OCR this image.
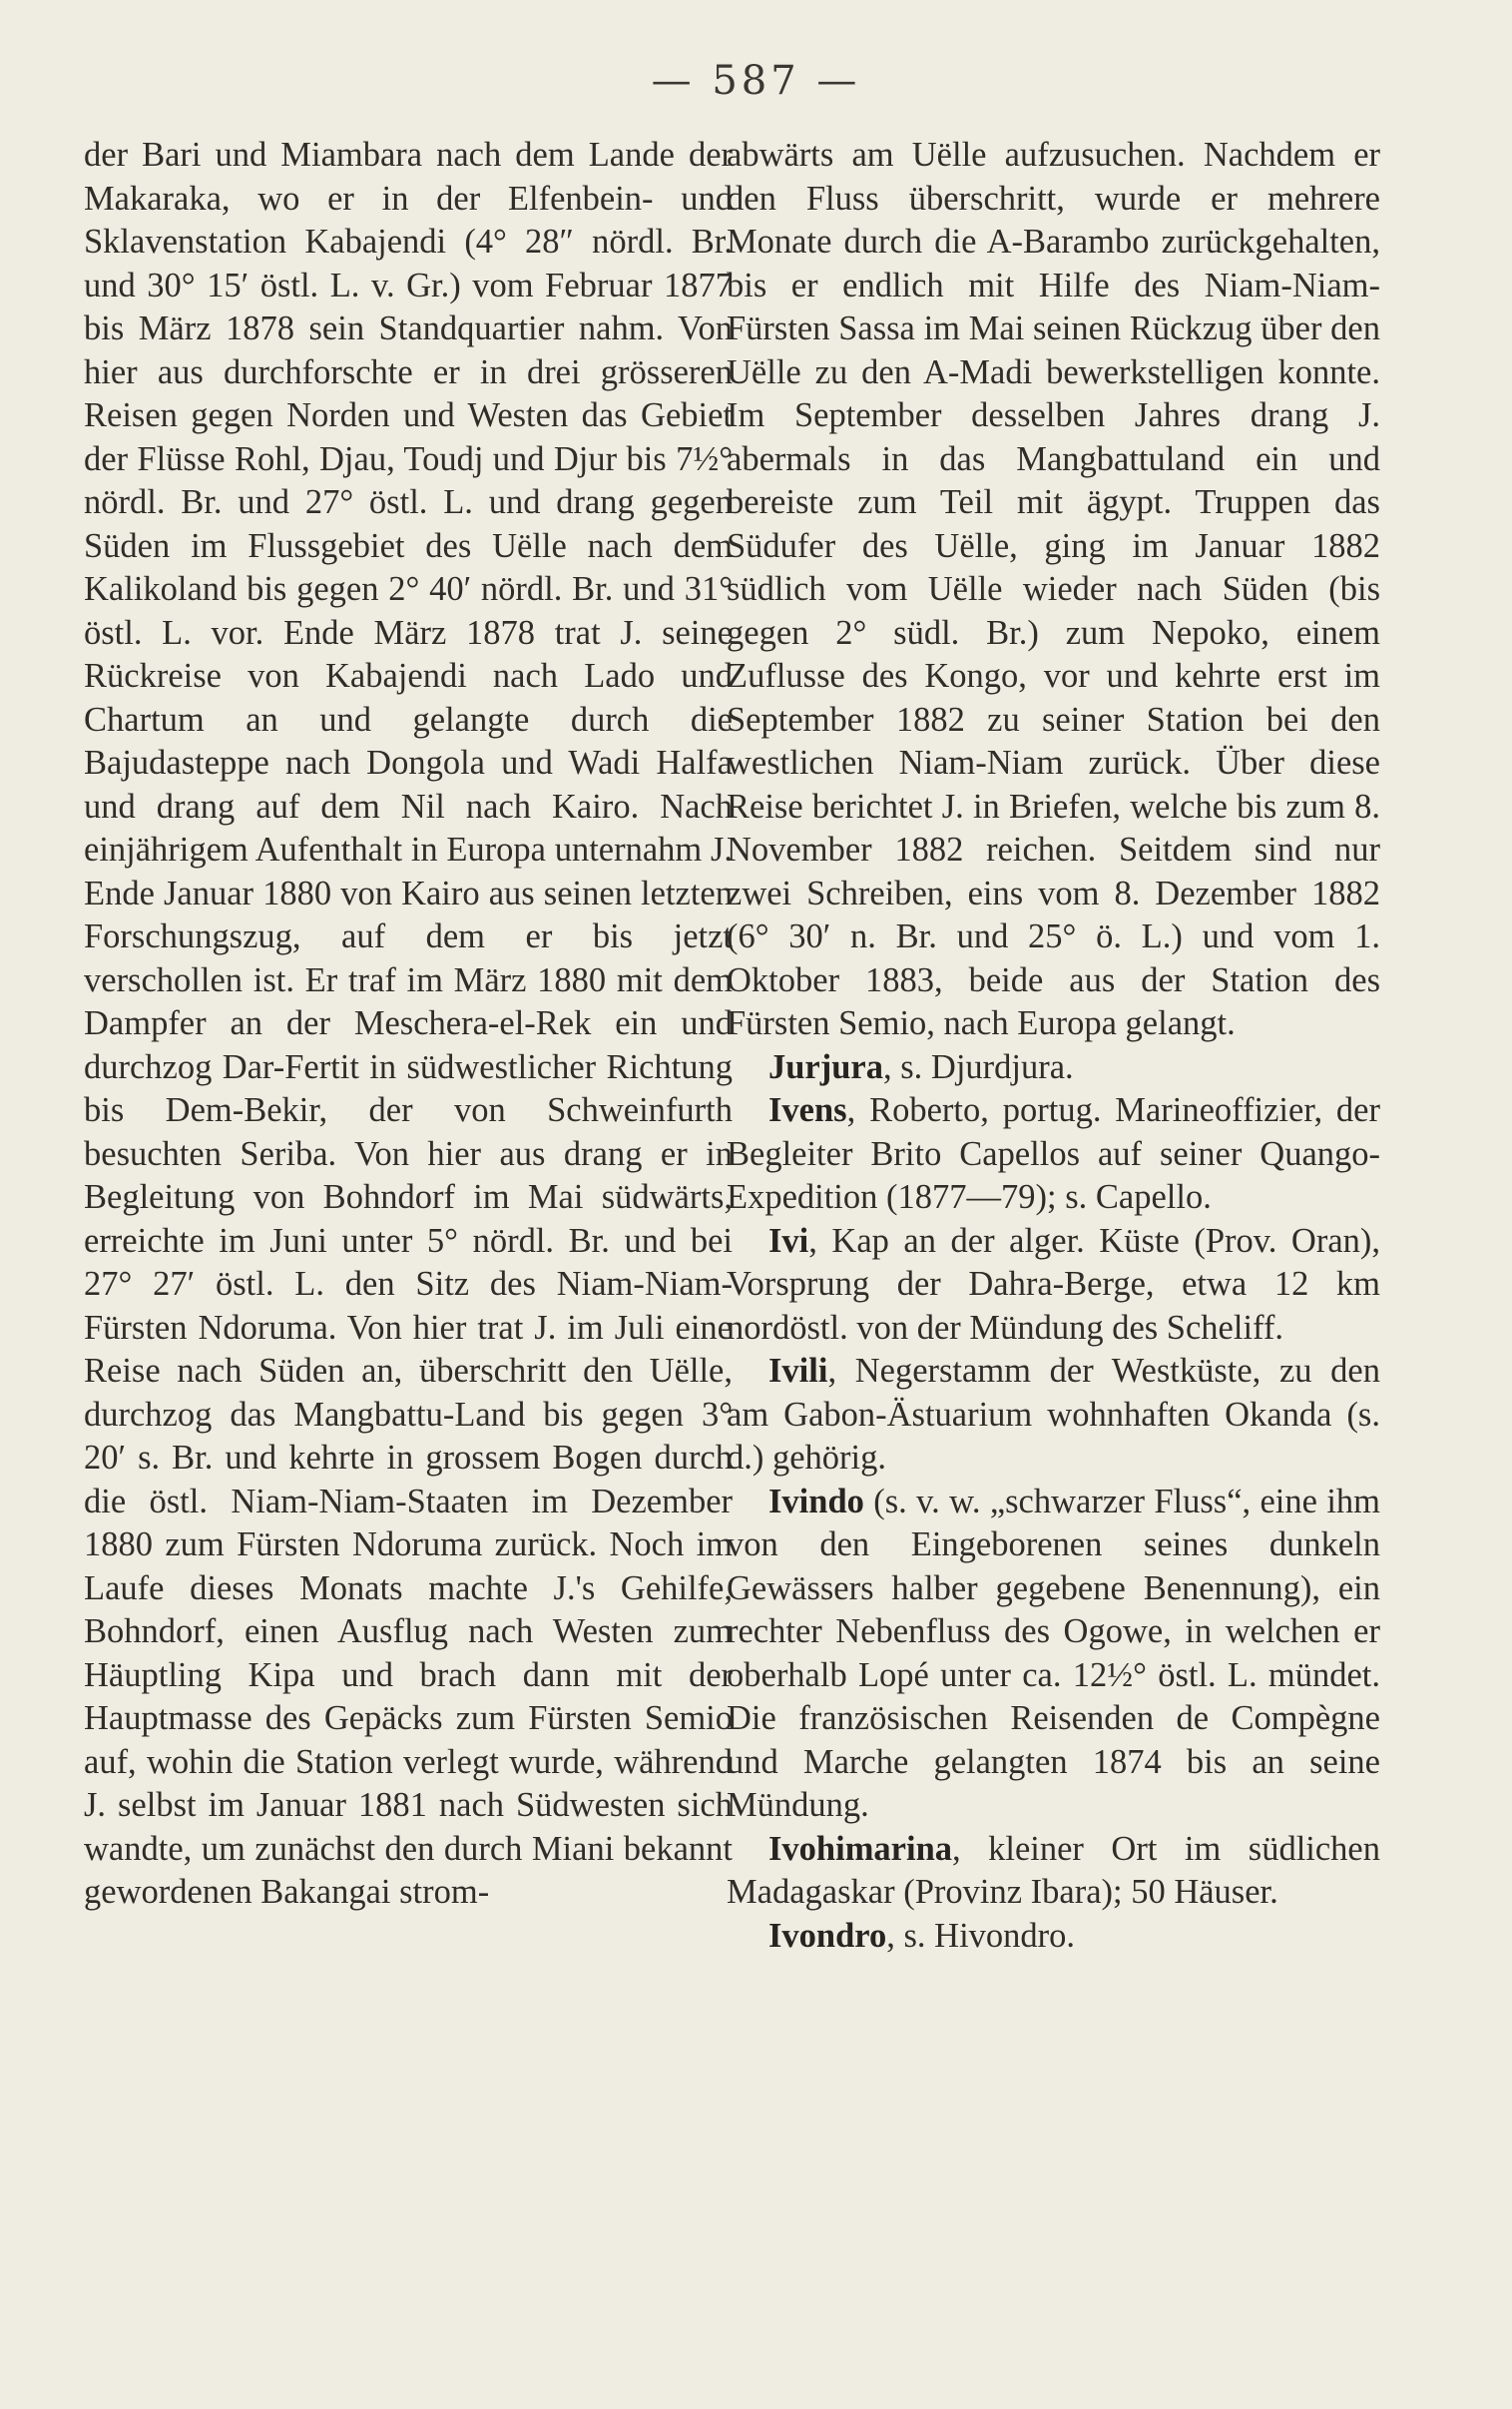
— 587 —

der Bari und Miambara nach dem Lande der Makaraka, wo er in der Elfenbein- und Sklavenstation Kabajendi (4° 28″ nördl. Br. und 30° 15′ östl. L. v. Gr.) vom Februar 1877 bis März 1878 sein Standquartier nahm. Von hier aus durchforschte er in drei grösseren Reisen gegen Norden und Westen das Gebiet der Flüsse Rohl, Djau, Toudj und Djur bis 7½° nördl. Br. und 27° östl. L. und drang gegen Süden im Flussgebiet des Uëlle nach dem Kalikoland bis gegen 2° 40′ nördl. Br. und 31° östl. L. vor. Ende März 1878 trat J. seine Rückreise von Kabajendi nach Lado und Chartum an und gelangte durch die Bajudasteppe nach Dongola und Wadi Halfa und drang auf dem Nil nach Kairo. Nach einjährigem Aufenthalt in Europa unternahm J. Ende Januar 1880 von Kairo aus seinen letzten Forschungszug, auf dem er bis jetzt verschollen ist. Er traf im März 1880 mit dem Dampfer an der Meschera-el-Rek ein und durchzog Dar-Fertit in südwestlicher Richtung bis Dem-Bekir, der von Schweinfurth besuchten Seriba. Von hier aus drang er in Begleitung von Bohndorf im Mai südwärts, erreichte im Juni unter 5° nördl. Br. und bei 27° 27′ östl. L. den Sitz des Niam-Niam-Fürsten Ndoruma. Von hier trat J. im Juli eine Reise nach Süden an, überschritt den Uëlle, durchzog das Mangbattu-Land bis gegen 3° 20′ s. Br. und kehrte in grossem Bogen durch die östl. Niam-Niam-Staaten im Dezember 1880 zum Fürsten Ndoruma zurück. Noch im Laufe dieses Monats machte J.'s Gehilfe, Bohndorf, einen Ausflug nach Westen zum Häuptling Kipa und brach dann mit der Hauptmasse des Gepäcks zum Fürsten Semio auf, wohin die Station verlegt wurde, während J. selbst im Januar 1881 nach Südwesten sich wandte, um zunächst den durch Miani bekannt gewordenen Bakangai strom-

abwärts am Uëlle aufzusuchen. Nachdem er den Fluss überschritt, wurde er mehrere Monate durch die A-Barambo zurückgehalten, bis er endlich mit Hilfe des Niam-Niam-Fürsten Sassa im Mai seinen Rückzug über den Uëlle zu den A-Madi bewerkstelligen konnte. Im September desselben Jahres drang J. abermals in das Mangbattuland ein und bereiste zum Teil mit ägypt. Truppen das Südufer des Uëlle, ging im Januar 1882 südlich vom Uëlle wieder nach Süden (bis gegen 2° südl. Br.) zum Nepoko, einem Zuflusse des Kongo, vor und kehrte erst im September 1882 zu seiner Station bei den westlichen Niam-Niam zurück. Über diese Reise berichtet J. in Briefen, welche bis zum 8. November 1882 reichen. Seitdem sind nur zwei Schreiben, eins vom 8. Dezember 1882 (6° 30′ n. Br. und 25° ö. L.) und vom 1. Oktober 1883, beide aus der Station des Fürsten Semio, nach Europa gelangt.

Jurjura, s. Djurdjura.

Ivens, Roberto, portug. Marineoffizier, der Begleiter Brito Capellos auf seiner Quango-Expedition (1877—79); s. Capello.

Ivi, Kap an der alger. Küste (Prov. Oran), Vorsprung der Dahra-Berge, etwa 12 km nordöstl. von der Mündung des Scheliff.

Ivili, Negerstamm der Westküste, zu den am Gabon-Ästuarium wohnhaften Okanda (s. d.) gehörig.

Ivindo (s. v. w. „schwarzer Fluss“, eine ihm von den Eingeborenen seines dunkeln Gewässers halber gegebene Benennung), ein rechter Nebenfluss des Ogowe, in welchen er oberhalb Lopé unter ca. 12½° östl. L. mündet. Die französischen Reisenden de Compègne und Marche gelangten 1874 bis an seine Mündung.

Ivohimarina, kleiner Ort im südlichen Madagaskar (Provinz Ibara); 50 Häuser.

Ivondro, s. Hivondro.
